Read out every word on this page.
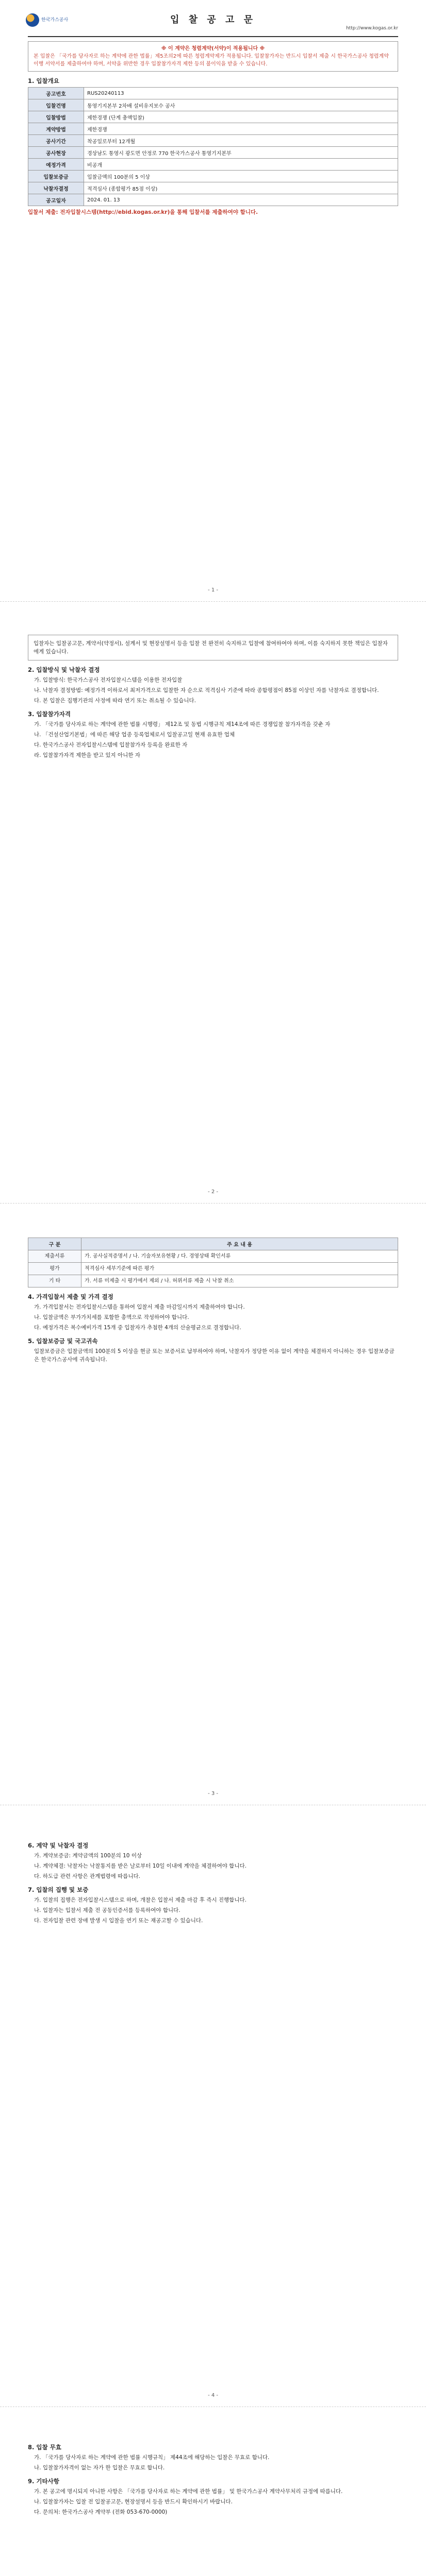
한국가스공사	입 찰 공 고 문
http://www.kogas.or.kr
※ 이 계약은 청렴계약(서약)이 적용됩니다 ※
본 입찰은 「국가를 당사자로 하는 계약에 관한 법률」제5조의2에 따른 청렴계약제가 적용됩니다. 입찰참가자는 반드시 입찰서 제출 시 한국가스공사 청렴계약이행 서약서를 제출하여야 하며, 서약을 위반한 경우 입찰참가자격 제한 등의 불이익을 받을 수 있습니다.
1. 입찰개요
공고번호	RUS20240113
입찰건명	통영기지본부 2차배 설비유지보수 공사
입찰방법	제한경쟁 (단계 총액입찰)
계약방법	제한경쟁
공사기간	착공일로부터 12개월
공사현장	경상남도 통영시 광도면 안정로 770 한국가스공사 통영기지본부
예정가격	비공개
입찰보증금	입찰금액의 100분의 5 이상
낙찰자결정	적격심사 (종합평가 85점 이상)
공고일자	2024. 01. 13
입찰서 제출: 전자입찰시스템(http://ebid.kogas.or.kr)을 통해 입찰서를 제출하여야 합니다.
- 1 -
입찰자는 입찰공고문, 계약서(약정서), 설계서 및 현장설명서 등을 입찰 전 완전히 숙지하고 입찰에 참여하여야 하며, 이를 숙지하지 못한 책임은 입찰자에게 있습니다.
2. 입찰방식 및 낙찰자 결정
가. 입찰방식: 한국가스공사 전자입찰시스템을 이용한 전자입찰
나. 낙찰자 결정방법: 예정가격 이하로서 최저가격으로 입찰한 자 순으로 적격심사 기준에 따라 종합평점이 85점 이상인 자를 낙찰자로 결정합니다.
다. 본 입찰은 집행기관의 사정에 따라 연기 또는 취소될 수 있습니다.
3. 입찰참가자격
가. 「국가를 당사자로 하는 계약에 관한 법률 시행령」 제12조 및 동법 시행규칙 제14조에 따른 경쟁입찰 참가자격을 갖춘 자
나. 「건설산업기본법」에 따른 해당 업종 등록업체로서 입찰공고일 현재 유효한 업체
다. 한국가스공사 전자입찰시스템에 입찰참가자 등록을 완료한 자
라. 입찰참가자격 제한을 받고 있지 아니한 자
- 2 -
구 분	주 요 내 용
제출서류	가. 공사실적증명서 / 나. 기술자보유현황 / 다. 경영상태 확인서류
평가	적격심사 세부기준에 따른 평가
기 타	가. 서류 미제출 시 평가에서 제외 / 나. 허위서류 제출 시 낙찰 취소
4. 가격입찰서 제출 및 가격 결정
가. 가격입찰서는 전자입찰시스템을 통하여 입찰서 제출 마감일시까지 제출하여야 합니다.
나. 입찰금액은 부가가치세를 포함한 총액으로 작성하여야 합니다.
다. 예정가격은 복수예비가격 15개 중 입찰자가 추첨한 4개의 산술평균으로 결정합니다.
5. 입찰보증금 및 국고귀속
입찰보증금은 입찰금액의 100분의 5 이상을 현금 또는 보증서로 납부하여야 하며, 낙찰자가 정당한 이유 없이 계약을 체결하지 아니하는 경우 입찰보증금은 한국가스공사에 귀속됩니다.
- 3 -
6. 계약 및 낙찰자 결정
가. 계약보증금: 계약금액의 100분의 10 이상
나. 계약체결: 낙찰자는 낙찰통지를 받은 날로부터 10일 이내에 계약을 체결하여야 합니다.
다. 하도급 관련 사항은 관계법령에 따릅니다.
7. 입찰의 집행 및 보증
가. 입찰의 집행은 전자입찰시스템으로 하며, 개찰은 입찰서 제출 마감 후 즉시 진행합니다.
나. 입찰자는 입찰서 제출 전 공동인증서를 등록하여야 합니다.
다. 전자입찰 관련 장애 발생 시 입찰을 연기 또는 재공고할 수 있습니다.
- 4 -
8. 입찰 무효
가. 「국가를 당사자로 하는 계약에 관한 법률 시행규칙」 제44조에 해당하는 입찰은 무효로 합니다.
나. 입찰참가자격이 없는 자가 한 입찰은 무효로 합니다.
9. 기타사항
가. 본 공고에 명시되지 아니한 사항은 「국가를 당사자로 하는 계약에 관한 법률」 및 한국가스공사 계약사무처리 규정에 따릅니다.
나. 입찰참가자는 입찰 전 입찰공고문, 현장설명서 등을 반드시 확인하시기 바랍니다.
다. 문의처: 한국가스공사 계약부 (전화 053-670-0000)
